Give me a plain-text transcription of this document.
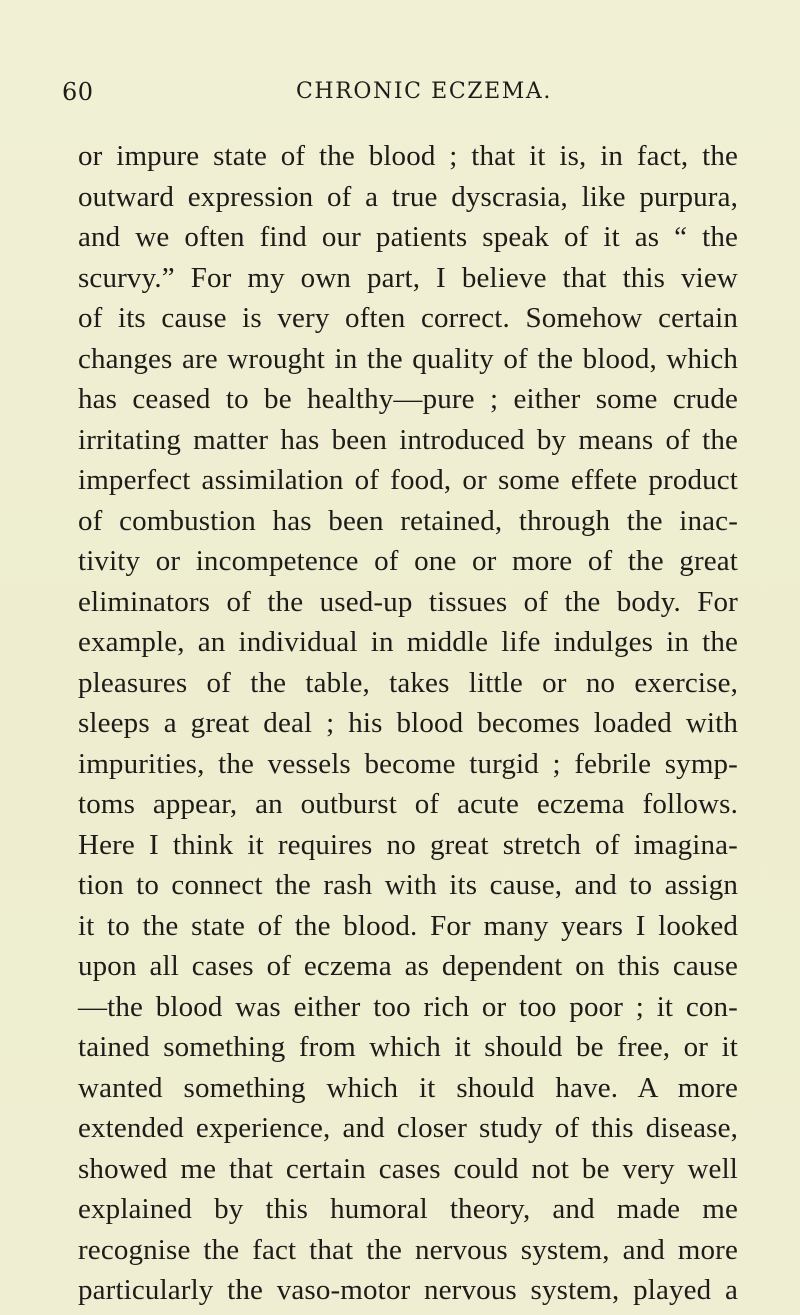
60	CHRONIC ECZEMA.
or impure state of the blood ; that it is, in fact, the
outward expression of a true dyscrasia, like purpura,
and we often find our patients speak of it as “ the
scurvy.” For my own part, I believe that this view
of its cause is very often correct. Somehow certain
changes are wrought in the quality of the blood, which
has ceased to be healthy—pure ; either some crude
irritating matter has been introduced by means of the
imperfect assimilation of food, or some effete product
of combustion has been retained, through the inac-
tivity or incompetence of one or more of the great
eliminators of the used-up tissues of the body. For
example, an individual in middle life indulges in the
pleasures of the table, takes little or no exercise,
sleeps a great deal ; his blood becomes loaded with
impurities, the vessels become turgid ; febrile symp-
toms appear, an outburst of acute eczema follows.
Here I think it requires no great stretch of imagina-
tion to connect the rash with its cause, and to assign
it to the state of the blood. For many years I looked
upon all cases of eczema as dependent on this cause
—the blood was either too rich or too poor ; it con-
tained something from which it should be free, or it
wanted something which it should have. A more
extended experience, and closer study of this disease,
showed me that certain cases could not be very well
explained by this humoral theory, and made me
recognise the fact that the nervous system, and more
particularly the vaso-motor nervous system, played a
